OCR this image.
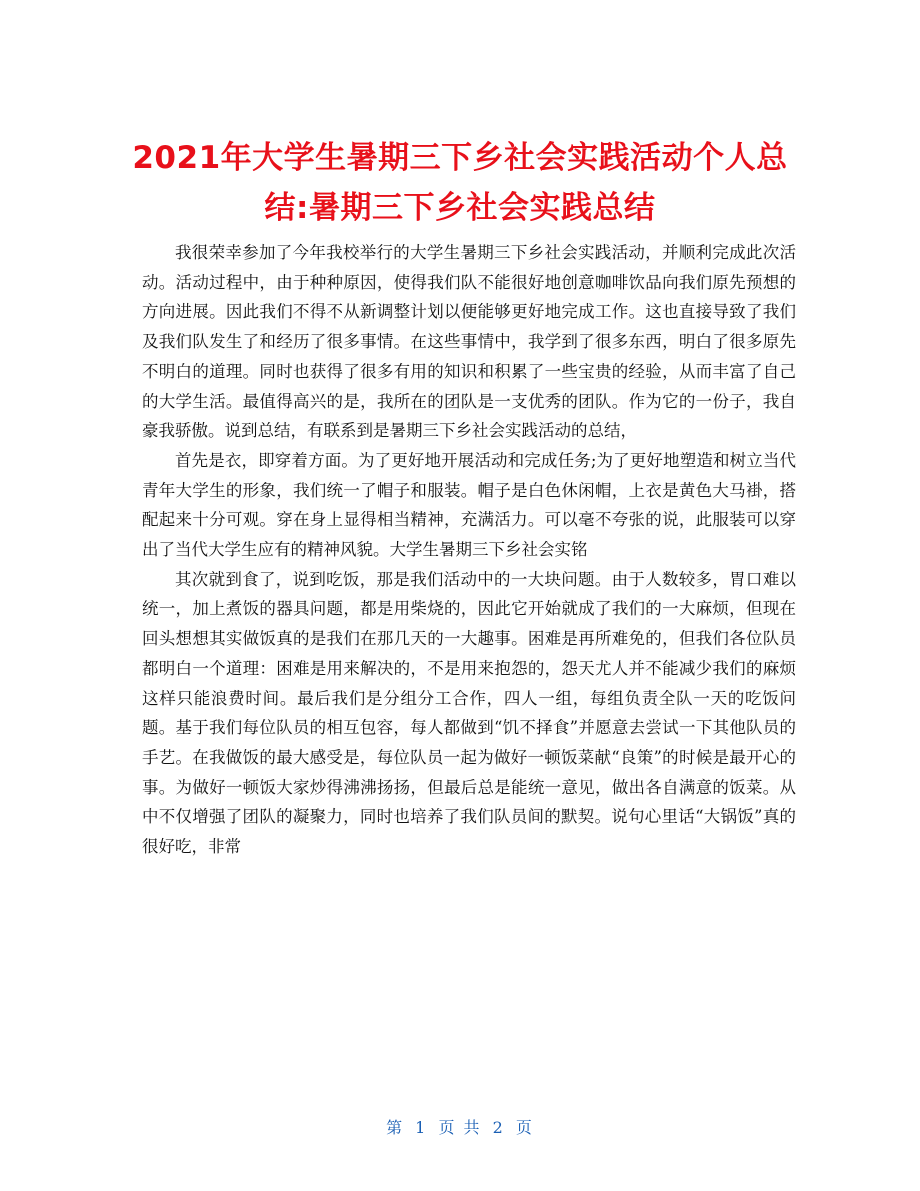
2021年大学生暑期三下乡社会实践活动个人总结:暑期三下乡社会实践总结

我很荣幸参加了今年我校举行的大学生暑期三下乡社会实践活动，并顺利完成此次活动。活动过程中，由于种种原因，使得我们队不能很好地创意咖啡饮品向我们原先预想的方向进展。因此我们不得不从新调整计划以便能够更好地完成工作。这也直接导致了我们及我们队发生了和经历了很多事情。在这些事情中，我学到了很多东西，明白了很多原先不明白的道理。同时也获得了很多有用的知识和积累了一些宝贵的经验，从而丰富了自己的大学生活。最值得高兴的是，我所在的团队是一支优秀的团队。作为它的一份子，我自豪我骄傲。说到总结，有联系到是暑期三下乡社会实践活动的总结，

首先是衣，即穿着方面。为了更好地开展活动和完成任务;为了更好地塑造和树立当代青年大学生的形象，我们统一了帽子和服装。帽子是白色休闲帽，上衣是黄色大马褂，搭配起来十分可观。穿在身上显得相当精神，充满活力。可以毫不夸张的说，此服装可以穿出了当代大学生应有的精神风貌。大学生暑期三下乡社会实铭

其次就到食了，说到吃饭，那是我们活动中的一大块问题。由于人数较多，胃口难以统一，加上煮饭的器具问题，都是用柴烧的，因此它开始就成了我们的一大麻烦，但现在回头想想其实做饭真的是我们在那几天的一大趣事。困难是再所难免的，但我们各位队员都明白一个道理：困难是用来解决的，不是用来抱怨的，怨天尤人并不能减少我们的麻烦这样只能浪费时间。最后我们是分组分工合作，四人一组，每组负责全队一天的吃饭问题。基于我们每位队员的相互包容，每人都做到“饥不择食”并愿意去尝试一下其他队员的手艺。在我做饭的最大感受是，每位队员一起为做好一顿饭菜献“良策”的时候是最开心的事。为做好一顿饭大家炒得沸沸扬扬，但最后总是能统一意见，做出各自满意的饭菜。从中不仅增强了团队的凝聚力，同时也培养了我们队员间的默契。说句心里话“大锅饭”真的很好吃，非常

第 1 页 共 2 页
